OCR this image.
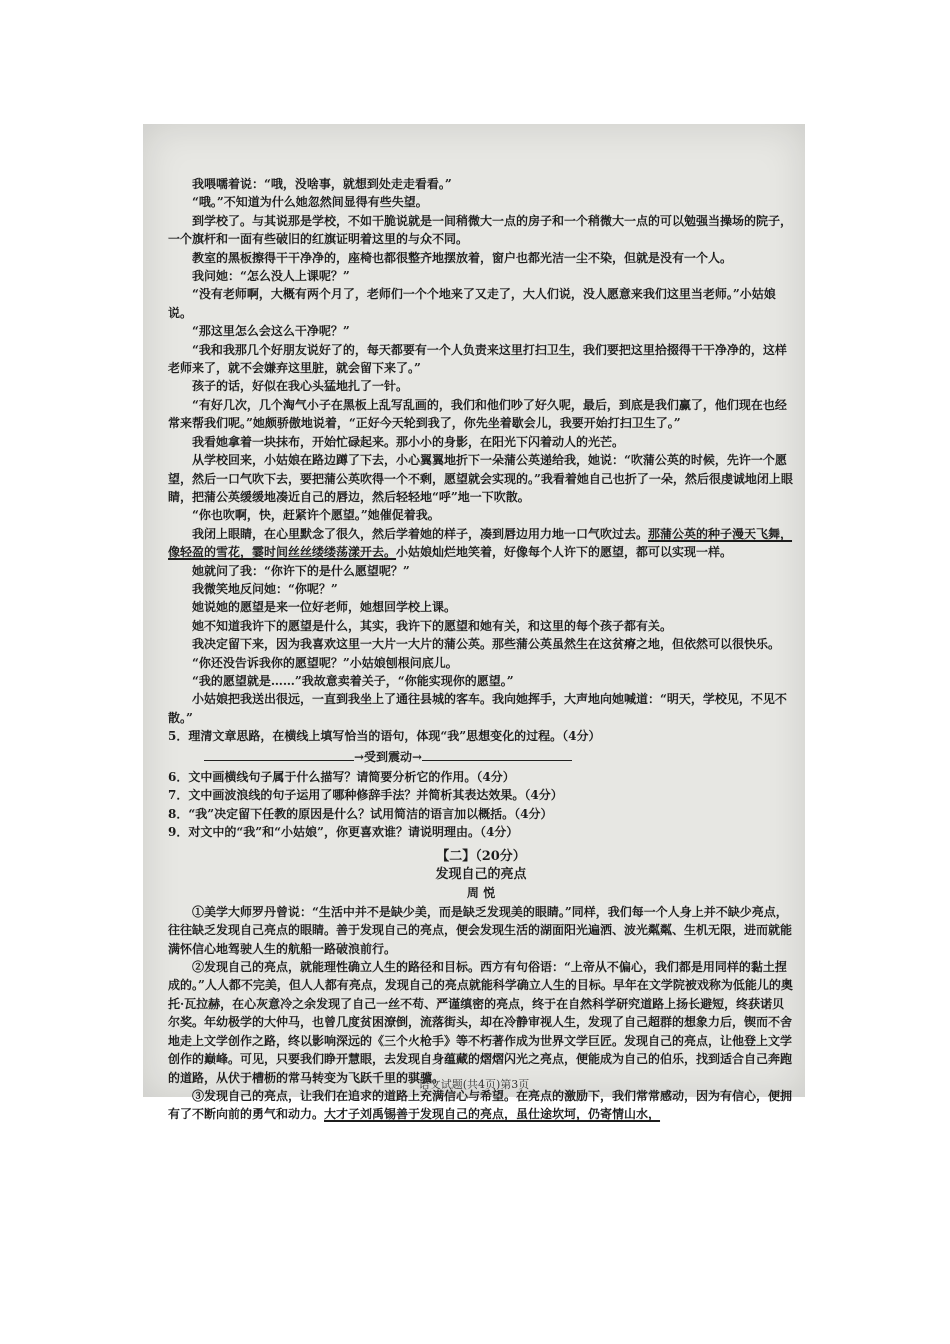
我喂嚅着说：“哦，没啥事，就想到处走走看看。”

“哦。”不知道为什么她忽然间显得有些失望。

到学校了。与其说那是学校，不如干脆说就是一间稍微大一点的房子和一个稍微大一点的可以勉强当操场的院子，一个旗杆和一面有些破旧的红旗证明着这里的与众不同。

教室的黑板擦得干干净净的，座椅也都很整齐地摆放着，窗户也都光洁一尘不染，但就是没有一个人。

我问她：“怎么没人上课呢？”

“没有老师啊，大概有两个月了，老师们一个个地来了又走了，大人们说，没人愿意来我们这里当老师。”小姑娘说。

“那这里怎么会这么干净呢？”

“我和我那几个好朋友说好了的，每天都要有一个人负责来这里打扫卫生，我们要把这里拾掇得干干净净的，这样老师来了，就不会嫌弃这里脏，就会留下来了。”

孩子的话，好似在我心头猛地扎了一针。

“有好几次，几个淘气小子在黑板上乱写乱画的，我们和他们吵了好久呢，最后，到底是我们赢了，他们现在也经常来帮我们呢。”她颇骄傲地说着，“正好今天轮到我了，你先坐着歇会儿，我要开始打扫卫生了。”

我看她拿着一块抹布，开始忙碌起来。那小小的身影，在阳光下闪着动人的光芒。

从学校回来，小姑娘在路边蹲了下去，小心翼翼地折下一朵蒲公英递给我，她说：“吹蒲公英的时候，先许一个愿望，然后一口气吹下去，要把蒲公英吹得一个不剩，愿望就会实现的。”我看着她自己也折了一朵，然后很虔诚地闭上眼睛，把蒲公英缓缓地凑近自己的唇边，然后轻轻地“呼”地一下吹散。

“你也吹啊，快，赶紧许个愿望。”她催促着我。

我闭上眼睛，在心里默念了很久，然后学着她的样子，凑到唇边用力地一口气吹过去。那蒲公英的种子漫天飞舞，像轻盈的雪花，霎时间丝丝缕缕荡漾开去。小姑娘灿烂地笑着，好像每个人许下的愿望，都可以实现一样。

她就问了我：“你许下的是什么愿望呢？”

我微笑地反问她：“你呢？”

她说她的愿望是来一位好老师，她想回学校上课。

她不知道我许下的愿望是什么，其实，我许下的愿望和她有关，和这里的每个孩子都有关。

我决定留下来，因为我喜欢这里一大片一大片的蒲公英。那些蒲公英虽然生在这贫瘠之地，但依然可以很快乐。

“你还没告诉我你的愿望呢？”小姑娘刨根问底儿。

“我的愿望就是……”我故意卖着关子，“你能实现你的愿望。”

小姑娘把我送出很远，一直到我坐上了通往县城的客车。我向她挥手，大声地向她喊道：“明天，学校见，不见不散。”

5．理清文章思路，在横线上填写恰当的语句，体现“我”思想变化的过程。（4分）

→受到震动→

6．文中画横线句子属于什么描写？请简要分析它的作用。（4分）

7．文中画波浪线的句子运用了哪种修辞手法？并简析其表达效果。（4分）

8．“我”决定留下任教的原因是什么？试用简洁的语言加以概括。（4分）

9．对文中的“我”和“小姑娘”，你更喜欢谁？请说明理由。（4分）

【二】（20分）
发现自己的亮点
周 悦

①美学大师罗丹曾说：“生活中并不是缺少美，而是缺乏发现美的眼睛。”同样，我们每一个人身上并不缺少亮点，往往缺乏发现自己亮点的眼睛。善于发现自己的亮点，便会发现生活的湖面阳光遍洒、波光粼粼、生机无限，进而就能满怀信心地驾驶人生的航船一路破浪前行。

②发现自己的亮点，就能理性确立人生的路径和目标。西方有句俗语：“上帝从不偏心，我们都是用同样的黏土捏成的。”人人都不完美，但人人都有亮点，发现自己的亮点就能科学确立人生的目标。早年在文学院被戏称为低能儿的奥托·瓦拉赫，在心灰意冷之余发现了自己一丝不苟、严谨缜密的亮点，终于在自然科学研究道路上扬长避短，终获诺贝尔奖。年幼极学的大仲马，也曾几度贫困潦倒，流落街头，却在冷静审视人生，发现了自己超群的想象力后，锲而不舍地走上文学创作之路，终以影响深远的《三个火枪手》等不朽著作成为世界文学巨匠。发现自己的亮点，让他登上文学创作的巅峰。可见，只要我们睁开慧眼，去发现自身蕴藏的熠熠闪光之亮点，便能成为自己的伯乐，找到适合自己奔跑的道路，从伏于槽枥的常马转变为飞跃千里的骐骥。

③发现自己的亮点，让我们在追求的道路上充满信心与希望。在亮点的激励下，我们常常感动，因为有信心，便拥有了不断向前的勇气和动力。大才子刘禹锡善于发现自己的亮点，虽仕途坎坷，仍寄情山水，

语文试题(共4页)第3页
